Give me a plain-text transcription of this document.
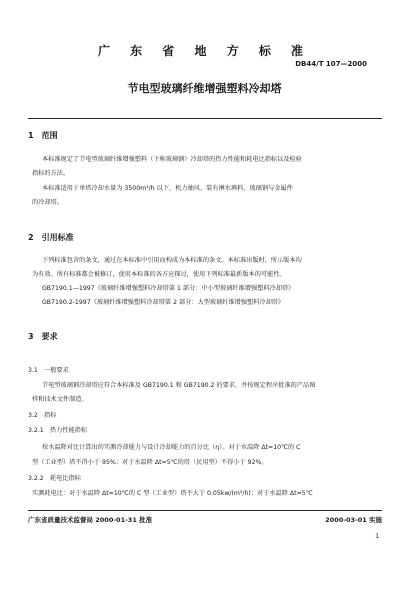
广 东 省 地 方 标 准
DB44/T 107—2000
节电型玻璃纤维增强塑料冷却塔
1　范围
本标准规定了节电型玻璃纤维增强塑料（下称玻璃钢）冷却塔的热力性能和耗电比指标以及检验
指标的方法。
本标准适用于单塔冷却水量为 3500m³/h 以下，机力抽风、装有淋水填料、玻璃钢与金属件
的冷却塔。
2　引用标准
下列标准包含的条文，通过在本标准中引用而构成为本标准的条文。本标准出版时，所示版本均
为有效。所有标准都会被修订，使用本标准的各方应探讨，使用下列标准最新版本的可能性。
GB7190.1—1997《玻璃纤维增强塑料冷却塔第 1 部分：中小型玻璃纤维增强塑料冷却塔》
GB7190.2-1997《玻璃纤维增强塑料冷却塔第 2 部分：大型玻璃纤维增强塑料冷却塔》
3　要求
3.1　一般要求
节电型玻璃钢冷却塔应符合本标准及 GB7190.1 和 GB7190.2 的要求，并按规定程序批准的产品图
样和技术文件制造。
3.2　指标
3.2.1　热力性能指标
按水温降对比计算出的实测冷却能力与设计冷却能力的百分比（η）。对于水温降 Δt=10℃的 C
型（工业型）塔不得小于 95%；对于水温降 Δt=5℃的塔（民用型）不得小于 92%。
3.2.2　耗电比指标
实测耗电比：对于水温降 Δt=10℃的 C 型（工业型）塔不大于 0.05kw/(m³/h)；对于水温降 Δt=5℃
广东省质量技术监督局 2000-01-31 批准	2000-03-01 实施
1
